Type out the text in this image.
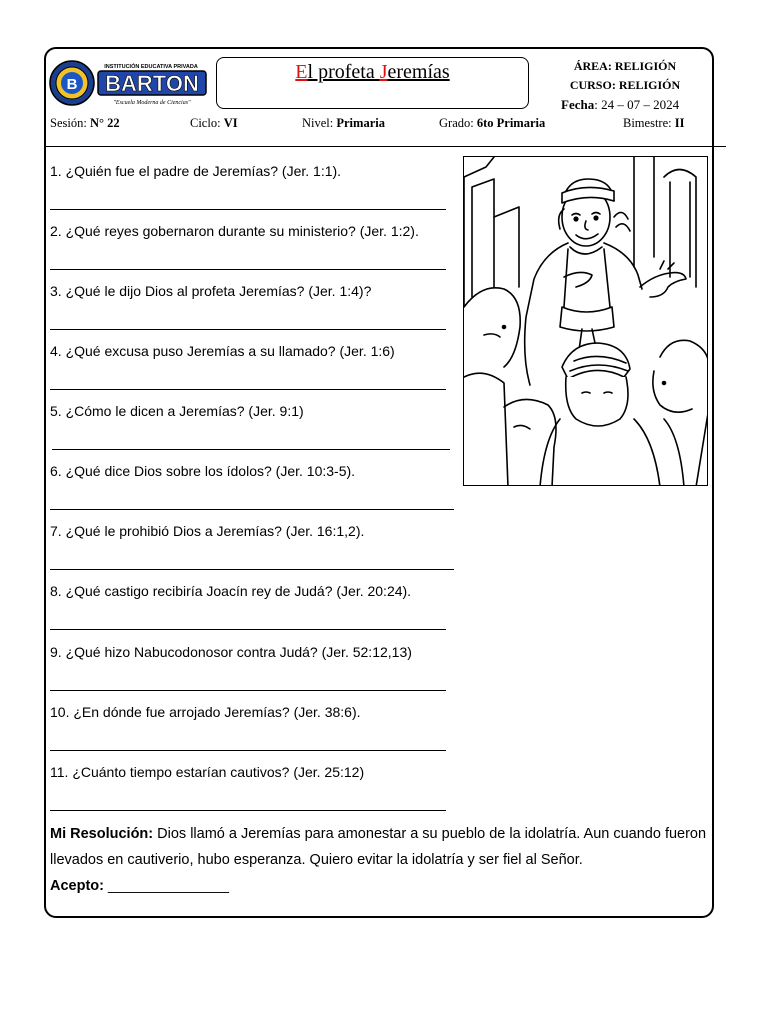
B
INSTITUCIÓN EDUCATIVA PRIVADA
BARTON
"Escuela Moderna de Ciencias"
El profeta Jeremías	ÁREA: RELIGIÓN
CURSO: RELIGIÓN
Fecha: 24 – 07 – 2024
Sesión: N° 22	Ciclo: VI	Nivel: Primaria	Grado: 6to Primaria	Bimestre: II
1. ¿Quién fue el padre de Jeremías? (Jer. 1:1).
2. ¿Qué reyes gobernaron durante su ministerio? (Jer. 1:2).
3. ¿Qué le dijo Dios al profeta Jeremías? (Jer. 1:4)?
4. ¿Qué excusa puso Jeremías a su llamado? (Jer. 1:6)
5. ¿Cómo le dicen a Jeremías? (Jer. 9:1)
6. ¿Qué dice Dios sobre los ídolos? (Jer. 10:3-5).
7. ¿Qué le prohibió Dios a Jeremías? (Jer. 16:1,2).
8. ¿Qué castigo recibiría Joacín rey de Judá? (Jer. 20:24).
9. ¿Qué hizo Nabucodonosor contra Judá? (Jer. 52:12,13)
10. ¿En dónde fue arrojado Jeremías? (Jer. 38:6).
11. ¿Cuánto tiempo estarían cautivos? (Jer. 25:12)
Mi Resolución: Dios llamó a Jeremías para amonestar a su pueblo de la idolatría. Aun cuando fueron llevados en cautiverio, hubo esperanza. Quiero evitar la idolatría y ser fiel al Señor.
Acepto: _______________
